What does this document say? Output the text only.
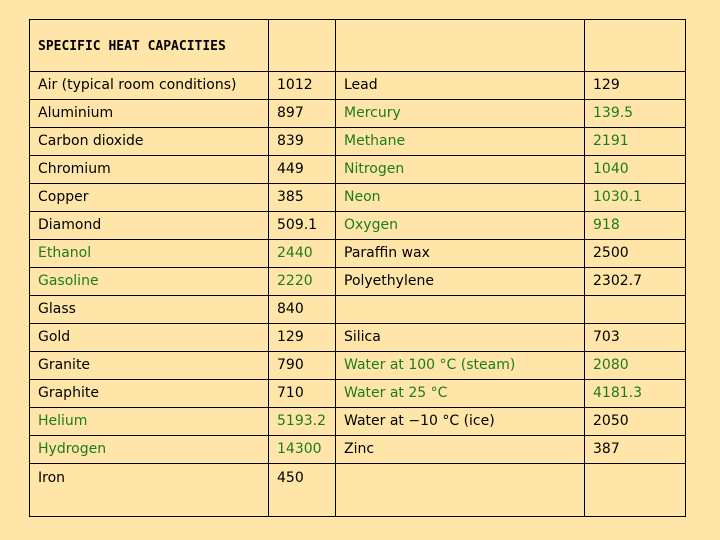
SPECIFIC HEAT CAPACITIES			
Air (typical room conditions)	1012	Lead	129
Aluminium	897	Mercury	139.5
Carbon dioxide	839	Methane	2191
Chromium	449	Nitrogen	1040
Copper	385	Neon	1030.1
Diamond	509.1	Oxygen	918
Ethanol	2440	Paraffin wax	2500
Gasoline	2220	Polyethylene	2302.7
Glass	840		
Gold	129	Silica	703
Granite	790	Water at 100 °C (steam)	2080
Graphite	710	Water at 25 °C	4181.3
Helium	5193.2	Water at −10 °C (ice)	2050
Hydrogen	14300	Zinc	387
Iron	450		
